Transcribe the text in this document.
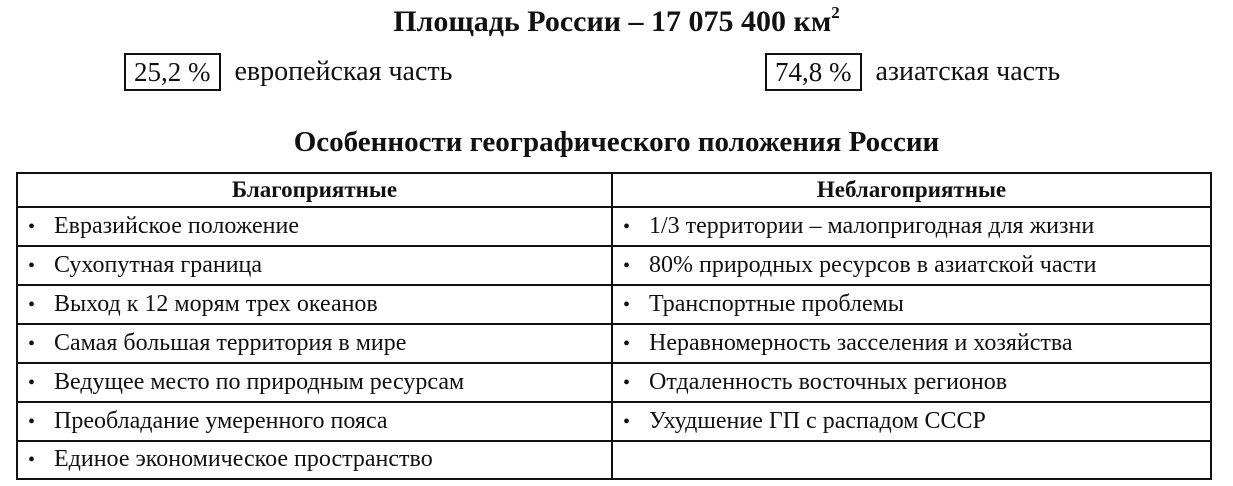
Площадь России – 17 075 400 $км^2$
25,2 % европейская часть	74,8 % азиатская часть
Особенности географического положения России
Благоприятные	Неблагоприятные
• Евразийское положение	• 1/3 территории – малопригодная для жизни
• Сухопутная граница	• 80% природных ресурсов в азиатской части
• Выход к 12 морям трех океанов	• Транспортные проблемы
• Самая большая территория в мире	• Неравномерность засселения и хозяйства
• Ведущее место по природным ресурсам	• Отдаленность восточных регионов
• Преобладание умеренного пояса	• Ухудшение ГП с распадом СССР
• Единое экономическое пространство	
